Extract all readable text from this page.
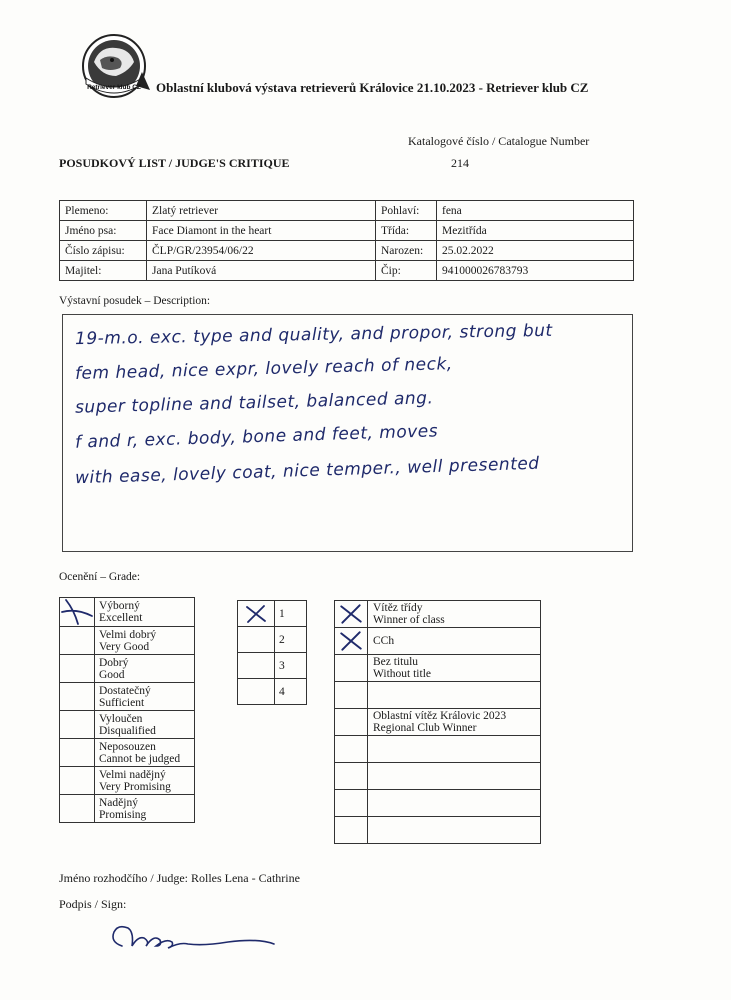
Retriever klub CZ Oblastní klubová výstava retrieverů Královice 21.10.2023 - Retriever klub CZ
Katalogové číslo / Catalogue Number
214
POSUDKOVÝ LIST / JUDGE'S CRITIQUE
Plemeno:	Zlatý retriever	Pohlaví:	fena
Jméno psa:	Face Diamont in the heart	Třída:	Mezitřída
Číslo zápisu:	ČLP/GR/23954/06/22	Narozen:	25.02.2022
Majitel:	Jana Putíková	Čip:	941000026783793
Výstavní posudek – Description:
19-m.o. exc. type and quality, and propor, strong but
fem head, nice expr, lovely reach of neck,
super topline and tailset, balanced ang.
f and r, exc. body, bone and feet, moves
with ease, lovely coat, nice temper., well presented
Ocenění – Grade:
	Výborný
Excellent
	Velmi dobrý
Very Good
	Dobrý
Good
	Dostatečný
Sufficient
	Vyloučen
Disqualified
	Neposouzen
Cannot be judged
	Velmi nadějný
Very Promising
	Nadějný
Promising
	1
	2
	3
	4
	Vítěz třídy
Winner of class

	CCh
	Bez titulu
Without title

	Oblastní vítěz Královic 2023
Regional Club Winner

Jméno rozhodčího / Judge: Rolles Lena - Cathrine
Podpis / Sign:
